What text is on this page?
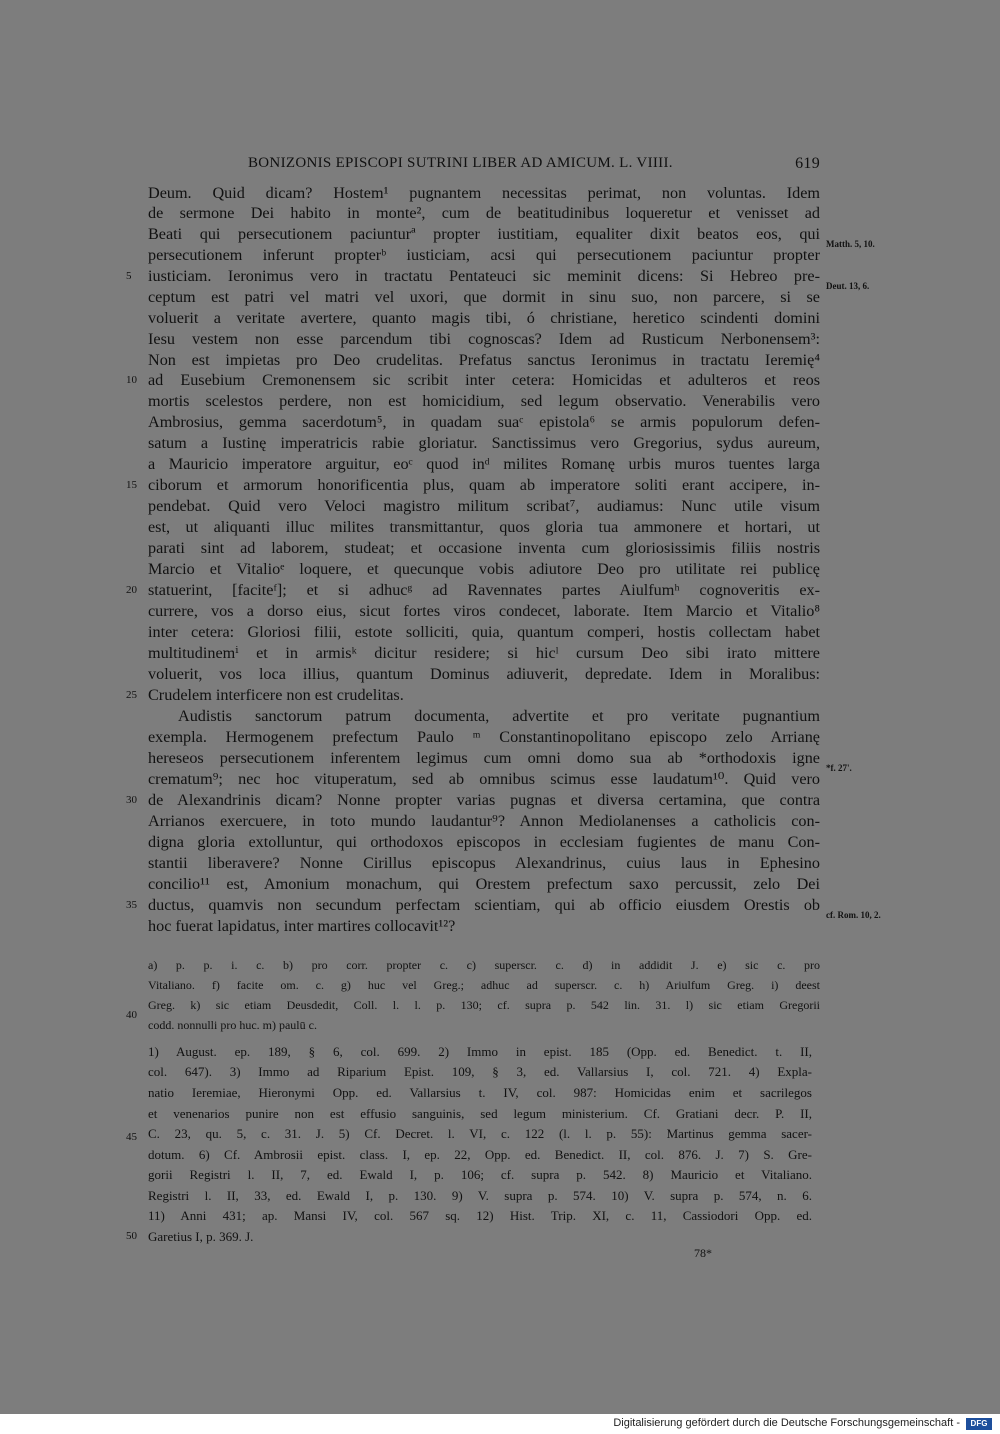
BONIZONIS EPISCOPI SUTRINI LIBER AD AMICUM. L. VIIII.	619
Deum. Quid dicam? Hostem¹ pugnantem necessitas perimat, non voluntas. Idem
de sermone Dei habito in monte², cum de beatitudinibus loqueretur et venisset ad
Beati qui persecutionem paciunturª propter iustitiam, equaliter dixit beatos eos, qui
persecutionem inferunt propterᵇ iusticiam, acsi qui persecutionem paciuntur propter
iusticiam. Ieronimus vero in tractatu Pentateuci sic meminit dicens: Si Hebreo pre-
ceptum est patri vel matri vel uxori, que dormit in sinu suo, non parcere, si se
voluerit a veritate avertere, quanto magis tibi, ó christiane, heretico scindenti domini
Iesu vestem non esse parcendum tibi cognoscas? Idem ad Rusticum Nerbonensem³:
Non est impietas pro Deo crudelitas. Prefatus sanctus Ieronimus in tractatu Ieremię⁴
ad Eusebium Cremonensem sic scribit inter cetera: Homicidas et adulteros et reos
mortis scelestos perdere, non est homicidium, sed legum observatio. Venerabilis vero
Ambrosius, gemma sacerdotum⁵, in quadam suaᶜ epistola⁶ se armis populorum defen-
satum a Iustinę imperatricis rabie gloriatur. Sanctissimus vero Gregorius, sydus aureum,
a Mauricio imperatore arguitur, eoᶜ quod inᵈ milites Romanę urbis muros tuentes larga
ciborum et armorum honorificentia plus, quam ab imperatore soliti erant accipere, in-
pendebat. Quid vero Veloci magistro militum scribat⁷, audiamus: Nunc utile visum
est, ut aliquanti illuc milites transmittantur, quos gloria tua ammonere et hortari, ut
parati sint ad laborem, studeat; et occasione inventa cum gloriosissimis filiis nostris
Marcio et Vitalioᵉ loquere, et quecunque vobis adiutore Deo pro utilitate rei publicę
statuerint, [faciteᶠ]; et si adhucᵍ ad Ravennates partes Aiulfumʰ cognoveritis ex-
currere, vos a dorso eius, sicut fortes viros condecet, laborate. Item Marcio et Vitalio⁸
inter cetera: Gloriosi filii, estote solliciti, quia, quantum comperi, hostis collectam habet
multitudinemⁱ et in armisᵏ dicitur residere; si hicˡ cursum Deo sibi irato mittere
voluerit, vos loca illius, quantum Dominus adiuverit, depredate. Idem in Moralibus:
Crudelem interficere non est crudelitas.
Audistis sanctorum patrum documenta, advertite et pro veritate pugnantium
exempla. Hermogenem prefectum Paulo ᵐ Constantinopolitano episcopo zelo Arrianę
hereseos persecutionem inferentem legimus cum omni domo sua ab *orthodoxis igne
crematum⁹; nec hoc vituperatum, sed ab omnibus scimus esse laudatum¹⁰. Quid vero
de Alexandrinis dicam? Nonne propter varias pugnas et diversa certamina, que contra
Arrianos exercuere, in toto mundo laudantur⁹? Annon Mediolanenses a catholicis con-
digna gloria extolluntur, qui orthodoxos episcopos in ecclesiam fugientes de manu Con-
stantii liberavere? Nonne Cirillus episcopus Alexandrinus, cuius laus in Ephesino
concilio¹¹ est, Amonium monachum, qui Orestem prefectum saxo percussit, zelo Dei
ductus, quamvis non secundum perfectam scientiam, qui ab officio eiusdem Orestis ob
hoc fuerat lapidatus, inter martires collocavit¹²?
5
10
15
20
25
30
35
40
45
50
Matth. 5, 10.
Deut. 13, 6.
*f. 27'.
cf. Rom. 10, 2.
a) p. p. i. c. b) pro corr. propter c. c) superscr. c. d) in addidit J. e) sic c. pro
Vitaliano. f) facite om. c. g) huc vel Greg.; adhuc ad superscr. c. h) Ariulfum Greg. i) deest
Greg. k) sic etiam Deusdedit, Coll. l. l. p. 130; cf. supra p. 542 lin. 31. l) sic etiam Gregorii
codd. nonnulli pro huc. m) paulū c.
1) August. ep. 189, § 6, col. 699. 2) Immo in epist. 185 (Opp. ed. Benedict. t. II,
col. 647). 3) Immo ad Riparium Epist. 109, § 3, ed. Vallarsius I, col. 721. 4) Expla-
natio Ieremiae, Hieronymi Opp. ed. Vallarsius t. IV, col. 987: Homicidas enim et sacrilegos
et venenarios punire non est effusio sanguinis, sed legum ministerium. Cf. Gratiani decr. P. II,
C. 23, qu. 5, c. 31. J. 5) Cf. Decret. l. VI, c. 122 (l. l. p. 55): Martinus gemma sacer-
dotum. 6) Cf. Ambrosii epist. class. I, ep. 22, Opp. ed. Benedict. II, col. 876. J. 7) S. Gre-
gorii Registri l. II, 7, ed. Ewald I, p. 106; cf. supra p. 542. 8) Mauricio et Vitaliano.
Registri l. II, 33, ed. Ewald I, p. 130. 9) V. supra p. 574. 10) V. supra p. 574, n. 6.
11) Anni 431; ap. Mansi IV, col. 567 sq. 12) Hist. Trip. XI, c. 11, Cassiodori Opp. ed.
Garetius I, p. 369. J.
78*
Digitalisierung gefördert durch die Deutsche Forschungsgemeinschaft -	DFG
